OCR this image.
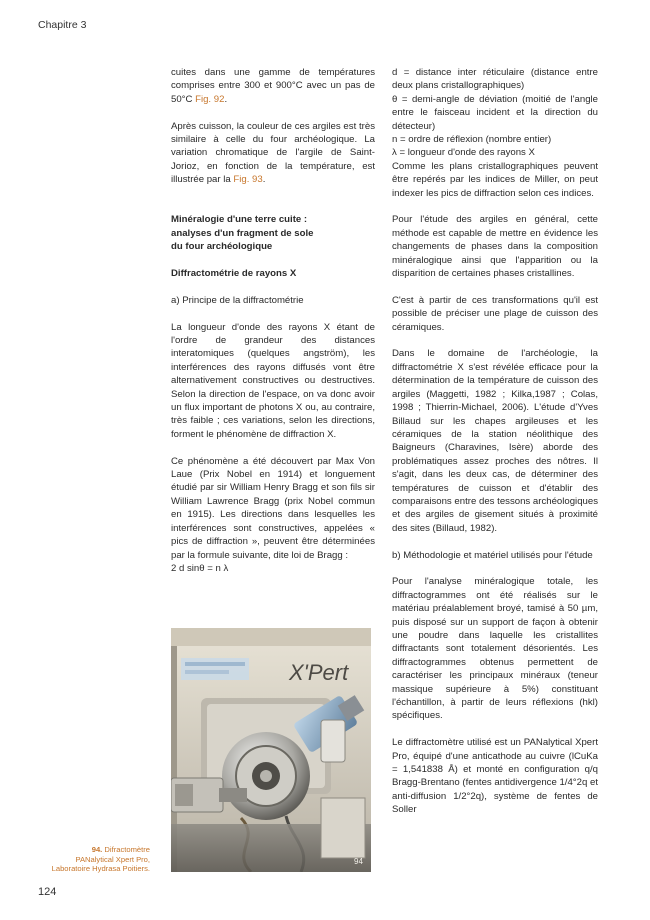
Chapitre 3

cuites dans une gamme de températures comprises entre 300 et 900°C avec un pas de 50°C Fig. 92.

Après cuisson, la couleur de ces argiles est très similaire à celle du four archéologique. La variation chromatique de l'argile de Saint-Jorioz, en fonction de la température, est illustrée par la Fig. 93.

Minéralogie d'une terre cuite :

analyses d'un fragment de sole

du four archéologique

Diffractométrie de rayons X

a) Principe de la diffractométrie

La longueur d'onde des rayons X étant de l'ordre de grandeur des distances interatomiques (quelques angström), les interférences des rayons diffusés vont être alternativement constructives ou destructives. Selon la direction de l'espace, on va donc avoir un flux important de photons X ou, au contraire, très faible ; ces variations, selon les directions, forment le phénomène de diffraction X.

Ce phénomène a été découvert par Max Von Laue (Prix Nobel en 1914) et longuement étudié par sir William Henry Bragg et son fils sir William Lawrence Bragg (prix Nobel commun en 1915). Les directions dans lesquelles les interférences sont constructives, appelées « pics de diffraction », peuvent être déterminées par la formule suivante, dite loi de Bragg :

2 d sinθ = n λ

d = distance inter réticulaire (distance entre deux plans cristallographiques)

θ = demi-angle de déviation (moitié de l'angle entre le faisceau incident et la direction du détecteur)

n = ordre de réflexion (nombre entier)

λ = longueur d'onde des rayons X

Comme les plans cristallographiques peuvent être repérés par les indices de Miller, on peut indexer les pics de diffraction selon ces indices.

Pour l'étude des argiles en général, cette méthode est capable de mettre en évidence les changements de phases dans la composition minéralogique ainsi que l'apparition ou la disparition de certaines phases cristallines.

C'est à partir de ces transformations qu'il est possible de préciser une plage de cuisson des céramiques.

Dans le domaine de l'archéologie, la diffractométrie X s'est révélée efficace pour la détermination de la température de cuisson des argiles (Maggetti, 1982 ; Kilka,1987 ; Colas, 1998 ; Thierrin-Michael, 2006). L'étude d'Yves Billaud sur les chapes argileuses et les céramiques de la station néolithique des Baigneurs (Charavines, Isère) aborde des problématiques assez proches des nôtres. Il s'agit, dans les deux cas, de déterminer des températures de cuisson et d'établir des comparaisons entre des tessons archéologiques et des argiles de gisement situés à proximité des sites (Billaud, 1982).

b) Méthodologie et matériel utilisés pour l'étude

Pour l'analyse minéralogique totale, les diffractogrammes ont été réalisés sur le matériau préalablement broyé, tamisé à 50 µm, puis disposé sur un support de façon à obtenir une poudre dans laquelle les cristallites diffractants sont totalement désorientés. Les diffractogrammes obtenus permettent de caractériser les principaux minéraux (teneur massique supérieure à 5%) constituant l'échantillon, à partir de leurs réflexions (hkl) spécifiques.

Le diffractomètre utilisé est un PANalytical Xpert Pro, équipé d'une anticathode au cuivre (lCuKa = 1,541838 Å) et monté en configuration q/q Bragg-Brentano (fentes antidivergence 1/4°2q et anti-diffusion 1/2°2q), système de fentes de Soller

X'Pert
94
94. Difractomètre
PANalytical Xpert Pro,
Laboratoire Hydrasa Poitiers.
124
